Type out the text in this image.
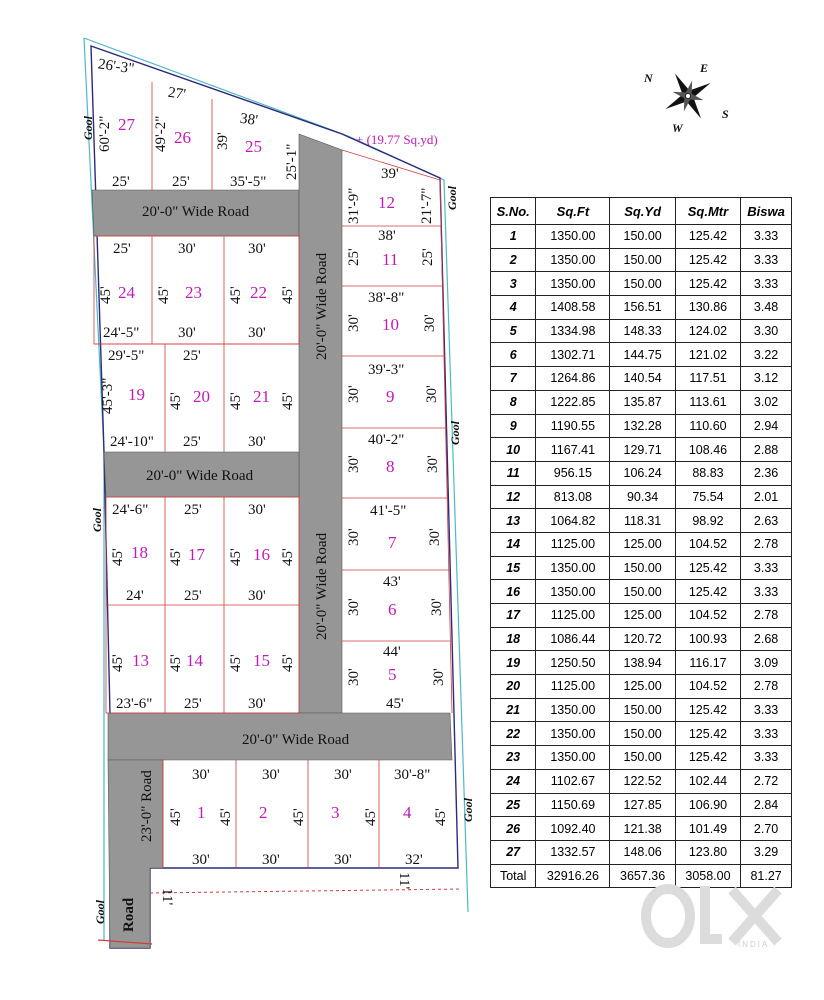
20'-0" Wide Road
20'-0" Wide Road
20'-0" Wide Road
20'-0" Wide Road
20'-0" Wide Road
23'-0" Road
Road
Gool
Gool
Gool
Gool
Gool
Gool
+ (19.77 Sq.yd)
27
26	25
12
11
10
9
8
7
6
5
24	23	22
19	20	21
18 17	16
13 14	15
1	2	3	4
26'-3"
27'
38'
60'-2"	49'-2"	39'
25'-1"
25'	25'	35'-5"	39'
31'-9"	21'-7"
38'
25'	25'
38'-8"
30'	30'
39'-3"
30'	30'
40'-2"
30'	30'
41'-5"
30'	30'
43'
30'	30'
44'
30'	30'
45'
25'	30'	30'
45'	45'	45' 45'
24'-5"	30'	30'
29'-5"	25'
45'-3"	45'	45' 45'
24'-10" 25'	30'
24'-6" 25'	30'
45'	45'	45' 45'
24'	25'	30'
45'	45'	45' 45'
23'-6" 25'	30'
30'	30'	30'	30'-8"
45' 45'	45'	45'	45'
30'	30'	30'	32'
11'
11'
N
E
S
W
S.No.	Sq.Ft	Sq.Yd	Sq.Mtr	Biswa
1	1350.00	150.00	125.42	3.33
2	1350.00	150.00	125.42	3.33
3	1350.00	150.00	125.42	3.33
4	1408.58	156.51	130.86	3.48
5	1334.98	148.33	124.02	3.30
6	1302.71	144.75	121.02	3.22
7	1264.86	140.54	117.51	3.12
8	1222.85	135.87	113.61	3.02
9	1190.55	132.28	110.60	2.94
10	1167.41	129.71	108.46	2.88
11	956.15	106.24	88.83	2.36
12	813.08	90.34	75.54	2.01
13	1064.82	118.31	98.92	2.63
14	1125.00	125.00	104.52	2.78
15	1350.00	150.00	125.42	3.33
16	1350.00	150.00	125.42	3.33
17	1125.00	125.00	104.52	2.78
18	1086.44	120.72	100.93	2.68
19	1250.50	138.94	116.17	3.09
20	1125.00	125.00	104.52	2.78
21	1350.00	150.00	125.42	3.33
22	1350.00	150.00	125.42	3.33
23	1350.00	150.00	125.42	3.33
24	1102.67	122.52	102.44	2.72
25	1150.69	127.85	106.90	2.84
26	1092.40	121.38	101.49	2.70
27	1332.57	148.06	123.80	3.29
Total	32916.26	3657.36	3058.00	81.27
INDIA
